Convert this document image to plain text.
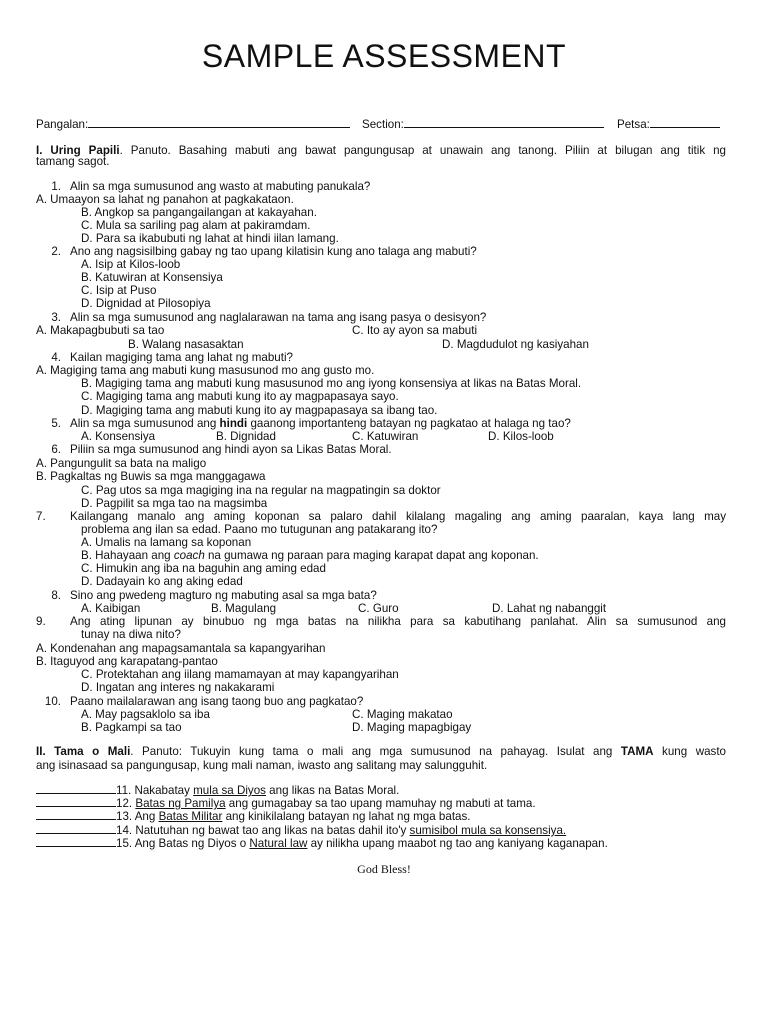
SAMPLE ASSESSMENT
Pangalan:	Section:	Petsa:
I. Uring Papili. Panuto. Basahing mabuti ang bawat pangungusap at unawain ang tanong. Piliin at bilugan ang titik ng
tamang sagot.
1. Alin sa mga sumusunod ang wasto at mabuting panukala?
A. Umaayon sa lahat ng panahon at pagkakataon.
B. Angkop sa pangangailangan at kakayahan.
C. Mula sa sariling pag alam at pakiramdam.
D. Para sa ikabubuti ng lahat at hindi iilan lamang.
2. Ano ang nagsisilbing gabay ng tao upang kilatisin kung ano talaga ang mabuti?
A. Isip at Kilos-loob
B. Katuwiran at Konsensiya
C. Isip at Puso
D. Dignidad at Pilosopiya
3. Alin sa mga sumusunod ang naglalarawan na tama ang isang pasya o desisyon?
A. Makapagbubuti sa tao	C. Ito ay ayon sa mabuti
B. Walang nasasaktan	D. Magdudulot ng kasiyahan
4. Kailan magiging tama ang lahat ng mabuti?
A. Magiging tama ang mabuti kung masusunod mo ang gusto mo.
B. Magiging tama ang mabuti kung masusunod mo ang iyong konsensiya at likas na Batas Moral.
C. Magiging tama ang mabuti kung ito ay magpapasaya sayo.
D. Magiging tama ang mabuti kung ito ay magpapasaya sa ibang tao.
5. Alin sa mga sumusunod ang hindi gaanong importanteng batayan ng pagkatao at halaga ng tao?
A. Konsensiya	B. Dignidad	C. Katuwiran	D. Kilos-loob
6. Piliin sa mga sumusunod ang hindi ayon sa Likas Batas Moral.
A. Pangungulit sa bata na maligo
B. Pagkaltas ng Buwis sa mga manggagawa
C. Pag utos sa mga magiging ina na regular na magpatingin sa doktor
D. Pagpilit sa mga tao na magsimba
7. Kailangang manalo ang aming koponan sa palaro dahil kilalang magaling ang aming paaralan, kaya lang may
problema ang ilan sa edad. Paano mo tutugunan ang patakarang ito?
A. Umalis na lamang sa koponan
B. Hahayaan ang coach na gumawa ng paraan para maging karapat dapat ang koponan.
C. Himukin ang iba na baguhin ang aming edad
D. Dadayain ko ang aking edad
8. Sino ang pwedeng magturo ng mabuting asal sa mga bata?
A. Kaibigan	B. Magulang	C. Guro	D. Lahat ng nabanggit
9. Ang ating lipunan ay binubuo ng mga batas na nilikha para sa kabutihang panlahat. Alin sa sumusunod ang
tunay na diwa nito?
A. Kondenahan ang mapagsamantala sa kapangyarihan
B. Itaguyod ang karapatang-pantao
C. Protektahan ang iilang mamamayan at may kapangyarihan
D. Ingatan ang interes ng nakakarami
10. Paano mailalarawan ang isang taong buo ang pagkatao?
A. May pagsaklolo sa iba	C. Maging makatao
B. Pagkampi sa tao	D. Maging mapagbigay
II. Tama o Mali. Panuto: Tukuyin kung tama o mali ang mga sumusunod na pahayag. Isulat ang TAMA kung wasto
ang isinasaad sa pangungusap, kung mali naman, iwasto ang salitang may salungguhit.
11. Nakabatay mula sa Diyos ang likas na Batas Moral.
12. Batas ng Pamilya ang gumagabay sa tao upang mamuhay ng mabuti at tama.
13. Ang Batas Militar ang kinikilalang batayan ng lahat ng mga batas.
14. Natutuhan ng bawat tao ang likas na batas dahil ito'y sumisibol mula sa konsensiya.
15. Ang Batas ng Diyos o Natural law ay nilikha upang maabot ng tao ang kaniyang kaganapan.
God Bless!
